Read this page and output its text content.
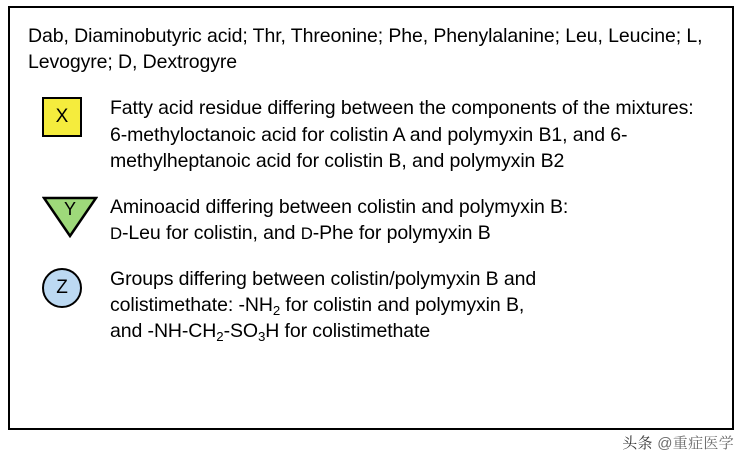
Dab, Diaminobutyric acid; Thr, Threonine; Phe, Phenylalanine; Leu, Leucine; L, Levogyre; D, Dextrogyre

X Fatty acid residue differing between the components of the mixtures: 6-methyloctanoic acid for colistin A and polymyxin B1, and 6-methylheptanoic acid for colistin B, and polymyxin B2
Y	Aminoacid differing between colistin and polymyxin B:
D-Leu for colistin, and D-Phe for polymyxin B
Z Groups differing between colistin/polymyxin B and
colistimethate: $-NH_2$ for colistin and polymyxin B,
and $-NH-CH_2-SO_3H$ for colistimethate
头条 @重症医学
